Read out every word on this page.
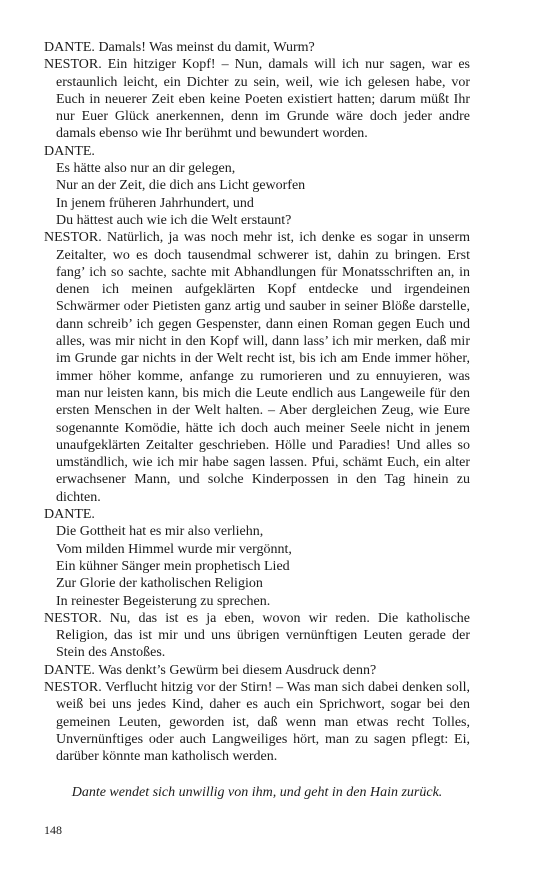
DANTE. Damals! Was meinst du damit, Wurm?

NESTOR. Ein hitziger Kopf! – Nun, damals will ich nur sagen, war es erstaunlich leicht, ein Dichter zu sein, weil, wie ich gelesen habe, vor Euch in neuerer Zeit eben keine Poeten existiert hatten; darum müßt Ihr nur Euer Glück anerkennen, denn im Grunde wäre doch jeder andre damals ebenso wie Ihr berühmt und bewundert worden.

DANTE.

Es hätte also nur an dir gelegen,

Nur an der Zeit, die dich ans Licht geworfen

In jenem früheren Jahrhundert, und

Du hättest auch wie ich die Welt erstaunt?

NESTOR. Natürlich, ja was noch mehr ist, ich denke es sogar in unserm Zeitalter, wo es doch tausendmal schwerer ist, dahin zu bringen. Erst fang’ ich so sachte, sachte mit Abhandlungen für Monatsschriften an, in denen ich meinen aufgeklärten Kopf entdecke und irgendeinen Schwärmer oder Pietisten ganz artig und sauber in seiner Blöße darstelle, dann schreib’ ich gegen Gespenster, dann einen Roman gegen Euch und alles, was mir nicht in den Kopf will, dann lass’ ich mir merken, daß mir im Grunde gar nichts in der Welt recht ist, bis ich am Ende immer höher, immer höher komme, anfange zu rumorieren und zu ennuyieren, was man nur leisten kann, bis mich die Leute endlich aus Langeweile für den ersten Menschen in der Welt halten. – Aber dergleichen Zeug, wie Eure sogenannte Komödie, hätte ich doch auch meiner Seele nicht in jenem unaufgeklärten Zeitalter geschrieben. Hölle und Paradies! Und alles so umständlich, wie ich mir habe sagen lassen. Pfui, schämt Euch, ein alter erwachsener Mann, und solche Kinderpossen in den Tag hinein zu dichten.

DANTE.

Die Gottheit hat es mir also verliehn,

Vom milden Himmel wurde mir vergönnt,

Ein kühner Sänger mein prophetisch Lied

Zur Glorie der katholischen Religion

In reinester Begeisterung zu sprechen.

NESTOR. Nu, das ist es ja eben, wovon wir reden. Die katholische Religion, das ist mir und uns übrigen vernünftigen Leuten gerade der Stein des Anstoßes.

DANTE. Was denkt’s Gewürm bei diesem Ausdruck denn?

NESTOR. Verflucht hitzig vor der Stirn! – Was man sich dabei denken soll, weiß bei uns jedes Kind, daher es auch ein Sprichwort, sogar bei den gemeinen Leuten, geworden ist, daß wenn man etwas recht Tolles, Unvernünftiges oder auch Langweiliges hört, man zu sagen pflegt: Ei, darüber könnte man katholisch werden.

Dante wendet sich unwillig von ihm, und geht in den Hain zurück.

148
